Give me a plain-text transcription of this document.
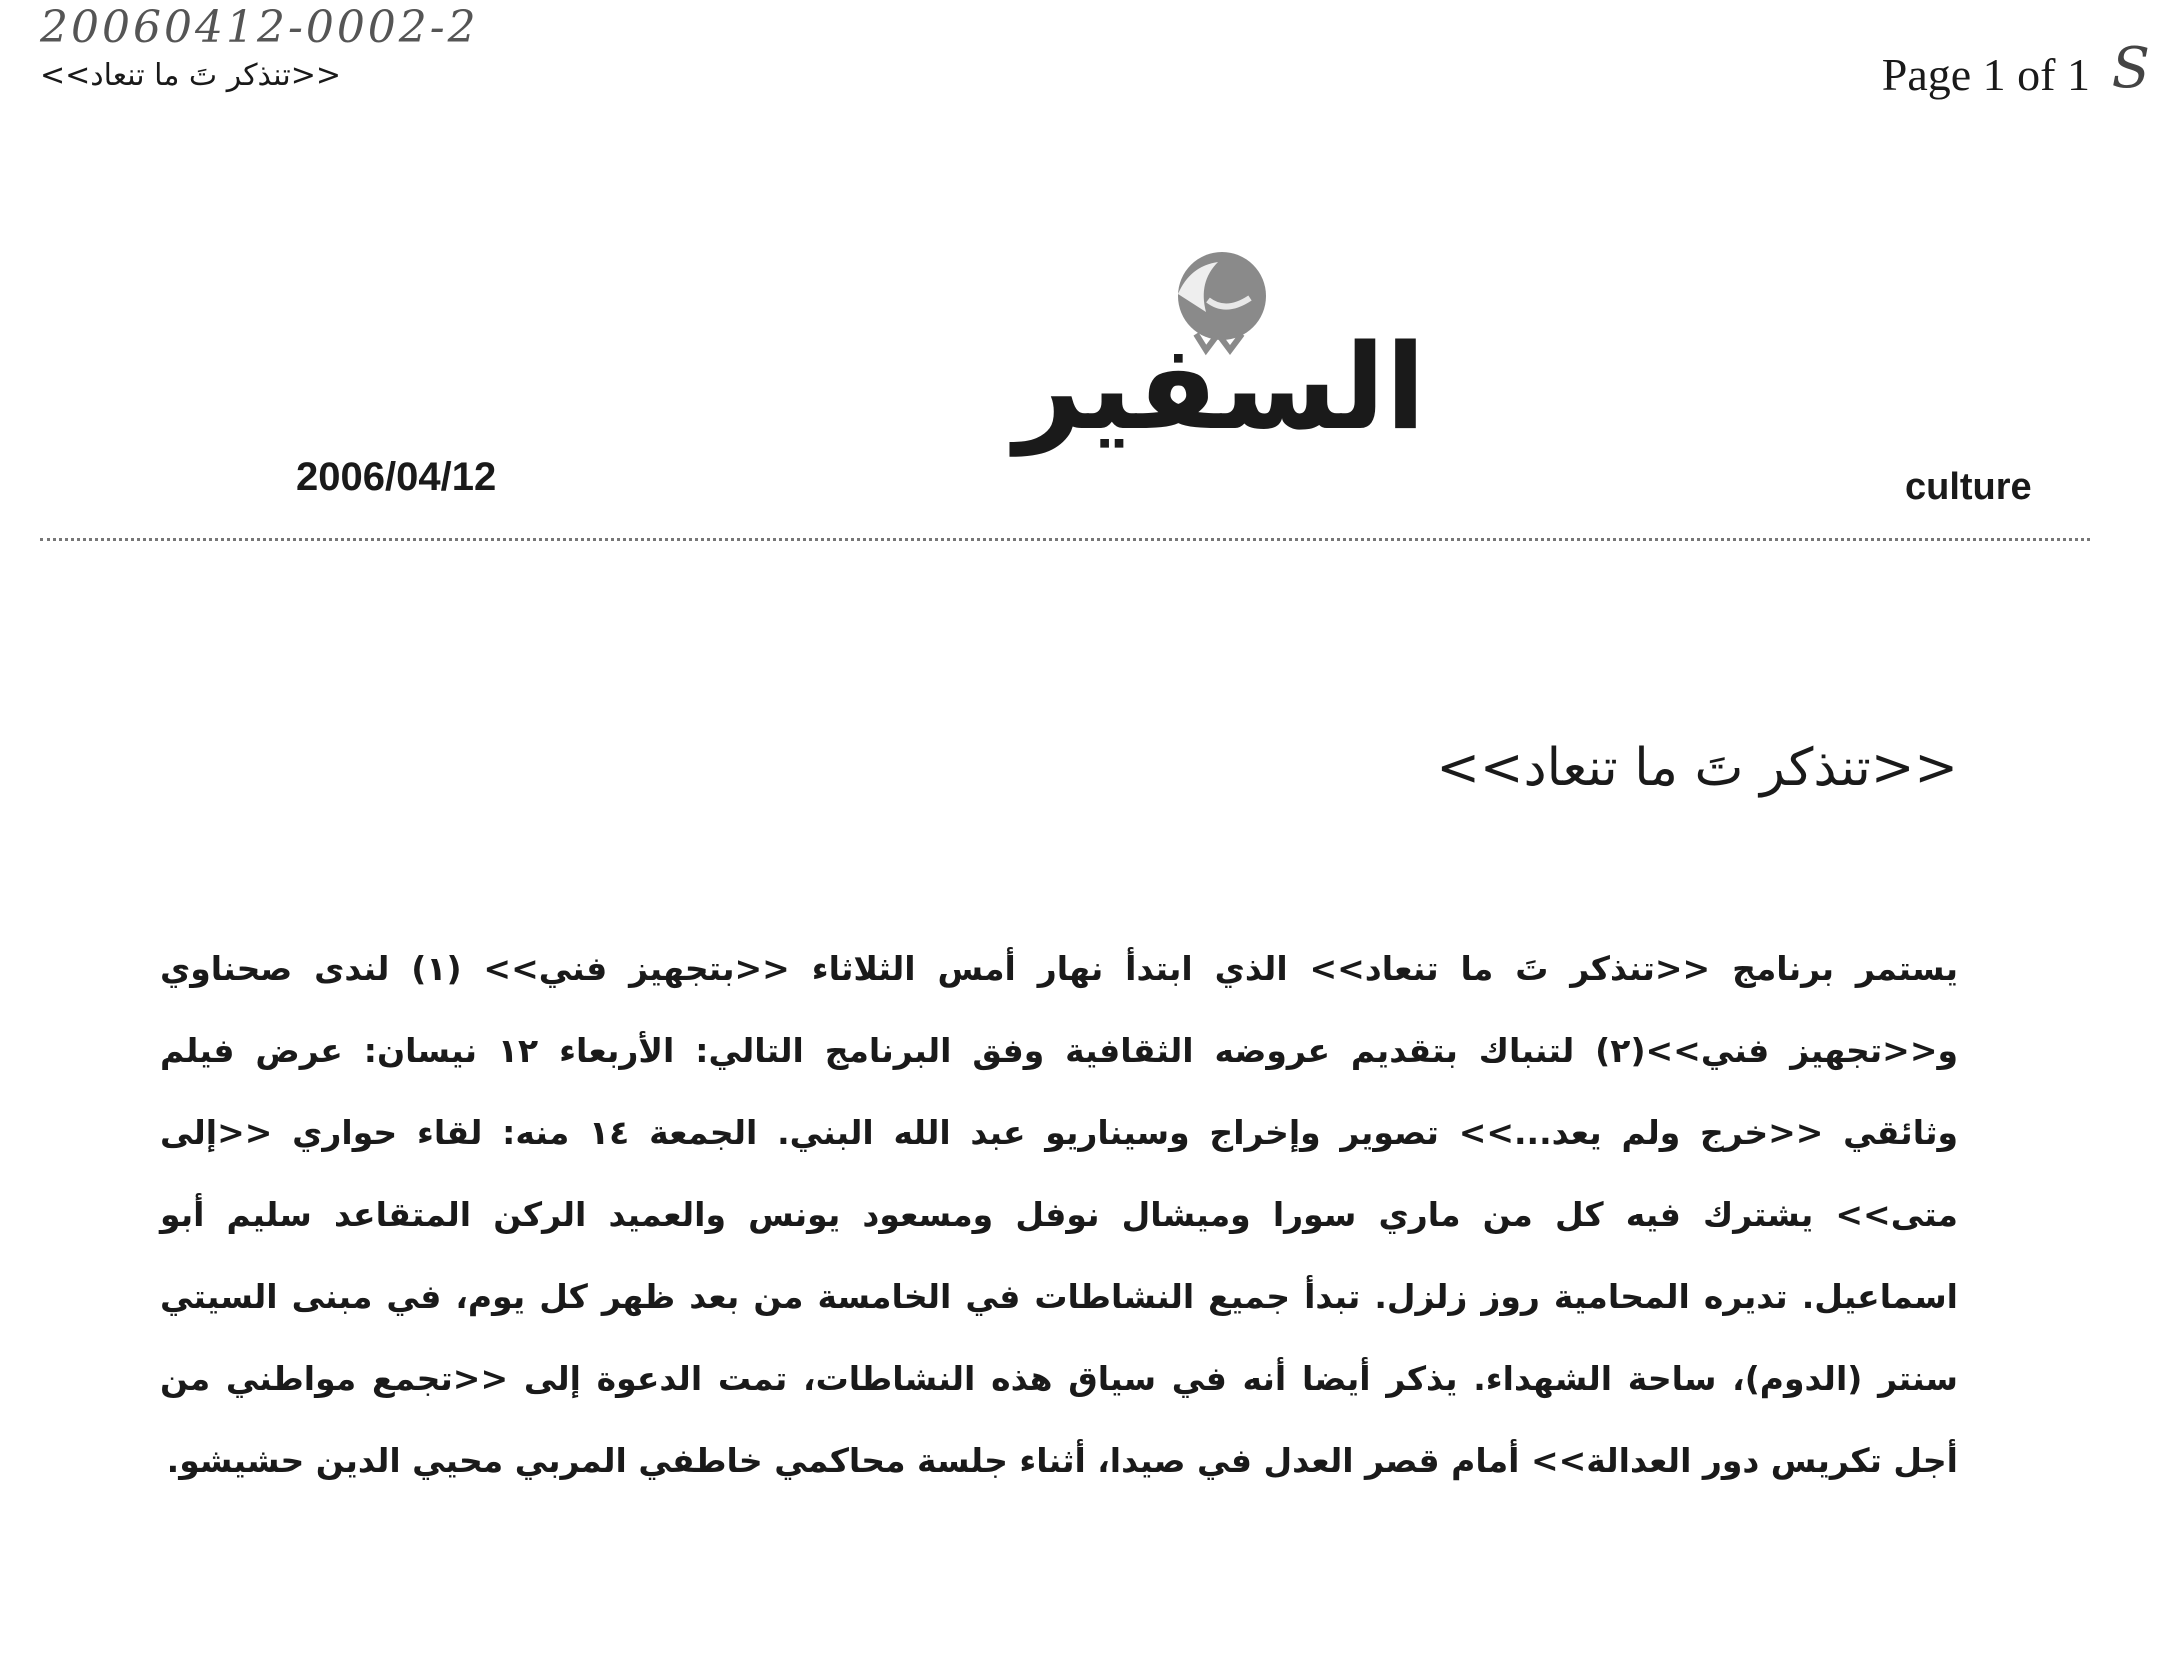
20060412-0002-2
<<تنذكر تَ ما تنعاد>>	Page 1 of 1 S
السفير
2006/04/12	culture
<<تنذكر تَ ما تنعاد>>
يستمر برنامج <<تنذكر تَ ما تنعاد>> الذي ابتدأ نهار أمس الثلاثاء <<بتجهيز فني>> (١) لندى صحناوي و<<تجهيز فني>>(٢) لتنباك بتقديم عروضه الثقافية وفق البرنامج التالي: الأربعاء ١٢ نيسان: عرض فيلم وثائقي <<خرج ولم يعد...>> تصوير وإخراج وسيناريو عبد الله البني. الجمعة ١٤ منه: لقاء حواري <<إلى متى>> يشترك فيه كل من ماري سورا وميشال نوفل ومسعود يونس والعميد الركن المتقاعد سليم أبو اسماعيل. تديره المحامية روز زلزل. تبدأ جميع النشاطات في الخامسة من بعد ظهر كل يوم، في مبنى السيتي سنتر (الدوم)، ساحة الشهداء. يذكر أيضا أنه في سياق هذه النشاطات، تمت الدعوة إلى <<تجمع مواطني من أجل تكريس دور العدالة>> أمام قصر العدل في صيدا، أثناء جلسة محاكمي خاطفي المربي محيي الدين حشيشو.
